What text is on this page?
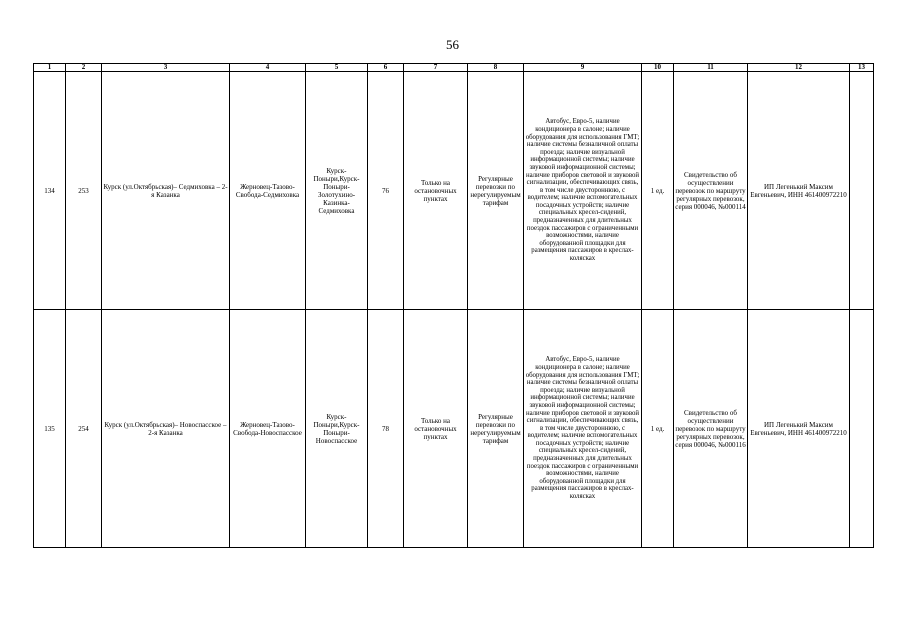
56
1	2	3	4	5	6	7	8	9	10	11	12	13
134	253	Курск (ул.Октябрьская)– Седмиховка – 2-я Казанка	Жерновец-Тазово-Свобода-Седмиховка	Курск-Поныри,Курск-Поныри-Золотухино-Казинка-Седмиховка	76	Только на остановочных пунктах	Регулярные перевозки по нерегулируемым тарифам	Автобус, Евро-5, наличие кондиционера в салоне; наличие оборудования для использования ГМТ; наличие системы безналичной оплаты проезда; наличие визуальной информационной системы; наличие звуковой информационной системы; наличие приборов световой и звуковой сигнализации, обеспечивающих связь, в том числе двустороннюю, с водителем; наличие вспомогательных посадочных устройств; наличие специальных кресел-сидений, предназначенных для длительных поездок пассажиров с ограниченными возможностями, наличие оборудованной площадки для размещения пассажиров в креслах-колясках	1 ед.	Свидетельство об осуществлении перевозок по маршруту регулярных перевозок, серия 000046, №000114	ИП Легенький Максим Евгеньевич, ИНН 461400972210	
135	254	Курск (ул.Октябрьская)– Новоспасское – 2-я Казанка	Жерновец-Тазово-Свобода-Новоспасское	Курск-Поныри,Курск-Поныри-Новоспасское	78	Только на остановочных пунктах	Регулярные перевозки по нерегулируемым тарифам	Автобус, Евро-5, наличие кондиционера в салоне; наличие оборудования для использования ГМТ; наличие системы безналичной оплаты проезда; наличие визуальной информационной системы; наличие звуковой информационной системы; наличие приборов световой и звуковой сигнализации, обеспечивающих связь, в том числе двустороннюю, с водителем; наличие вспомогательных посадочных устройств; наличие специальных кресел-сидений, предназначенных для длительных поездок пассажиров с ограниченными возможностями, наличие оборудованной площадки для размещения пассажиров в креслах-колясках	1 ед.	Свидетельство об осуществлении перевозок по маршруту регулярных перевозок, серия 000046, №000116	ИП Легенький Максим Евгеньевич, ИНН 461400972210	
